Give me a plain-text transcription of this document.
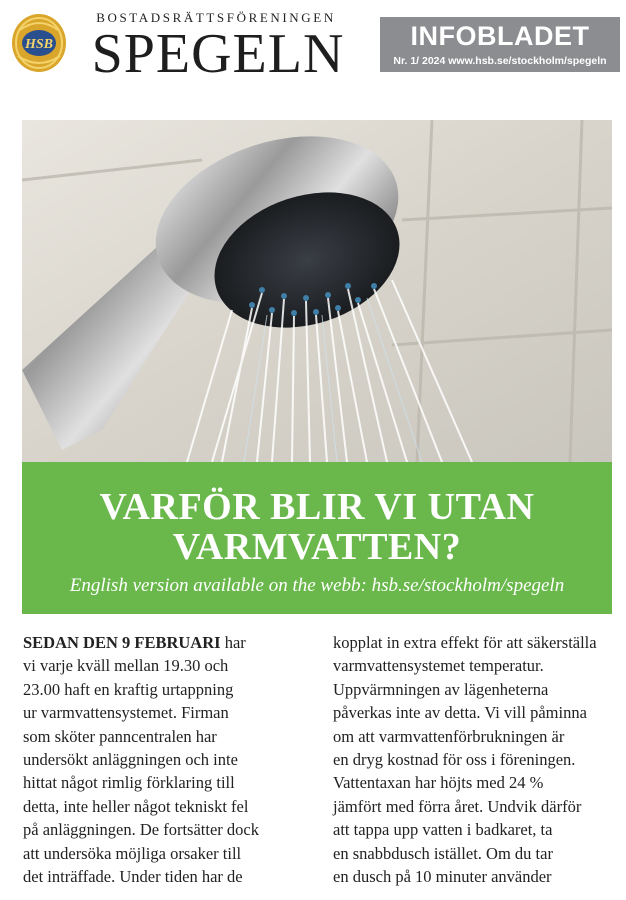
HSB
BOSTADSRÄTTSFÖRENINGEN
SPEGELN	INFOBLADET
Nr. 1/ 2024 www.hsb.se/stockholm/spegeln
VARFÖR BLIR VI UTAN
VARMVATTEN?
English version available on the webb: hsb.se/stockholm/spegeln
SEDAN DEN 9 FEBRUARI har
vi varje kväll mellan 19.30 och
23.00 haft en kraftig urtappning
ur varmvattensystemet. Firman
som sköter panncentralen har
undersökt anläggningen och inte
hittat något rimlig förklaring till
detta, inte heller något tekniskt fel
på anläggningen. De fortsätter dock
att undersöka möjliga orsaker till
det inträffade. Under tiden har de
kopplat in extra effekt för att säkerställa
varmvattensystemet temperatur.
Uppvärmningen av lägenheterna
påverkas inte av detta. Vi vill påminna
om att varmvattenförbrukningen är
en dryg kostnad för oss i föreningen.
Vattentaxan har höjts med 24 %
jämfört med förra året. Undvik därför
att tappa upp vatten i badkaret, ta
en snabbdusch istället. Om du tar
en dusch på 10 minuter använder
